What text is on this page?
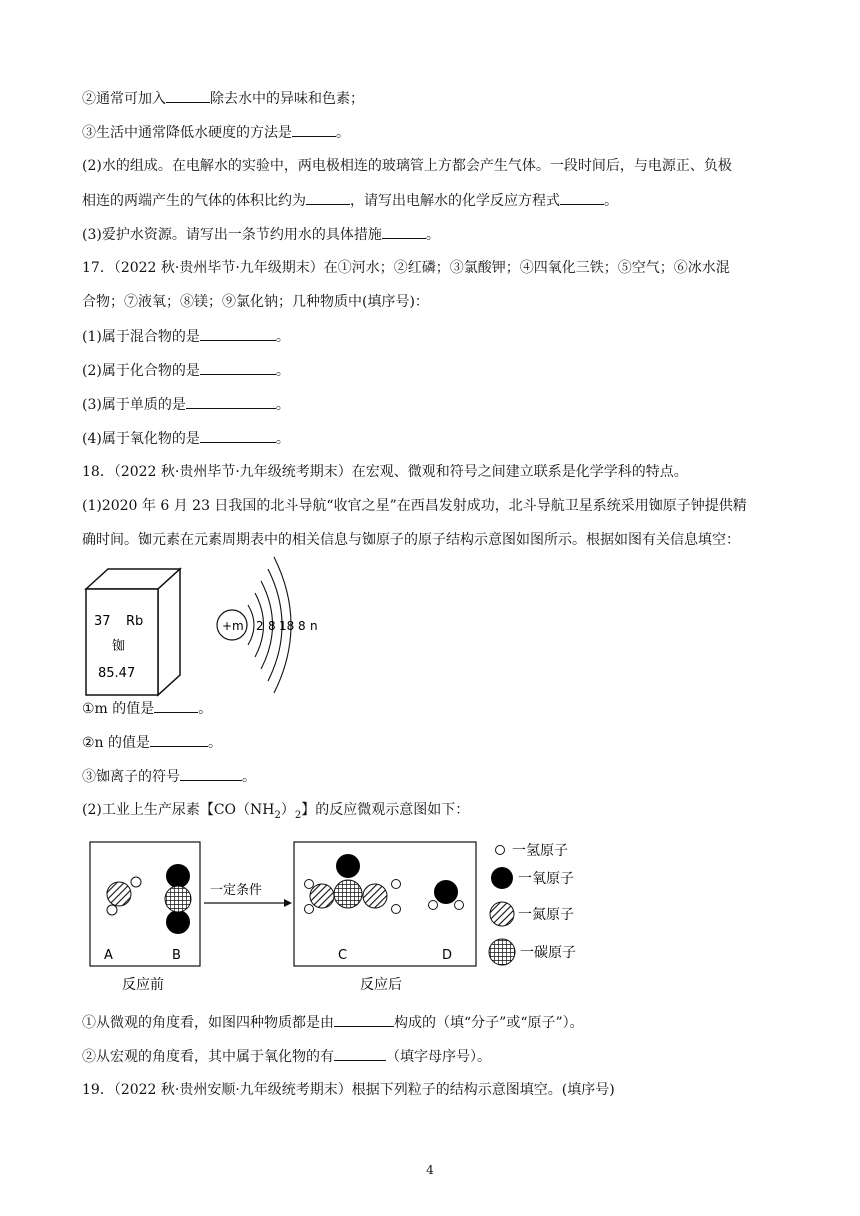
②通常可加入	除去水中的异味和色素；
③生活中通常降低水硬度的方法是	。
(2)水的组成。在电解水的实验中，两电极相连的玻璃管上方都会产生气体。一段时间后，与电源正、负极
相连的两端产生的气体的体积比约为	，请写出电解水的化学反应方程式	。
(3)爱护水资源。请写出一条节约用水的具体措施	。
17．（2022 秋·贵州毕节·九年级期末）在①河水；②红磷；③氯酸钾；④四氧化三铁；⑤空气；⑥冰水混
合物；⑦液氧；⑧镁；⑨氯化钠；几种物质中(填序号)：
(1)属于混合物的是	。
(2)属于化合物的是	。
(3)属于单质的是	。
(4)属于氧化物的是	。
18．（2022 秋·贵州毕节·九年级统考期末）在宏观、微观和符号之间建立联系是化学学科的特点。
(1)2020 年 6 月 23 日我国的北斗导航“收官之星”在西昌发射成功，北斗导航卫星系统采用铷原子钟提供精
确时间。铷元素在元素周期表中的相关信息与铷原子的原子结构示意图如图所示。根据如图有关信息填空：
37 Rb
铷
85.47
+m 2 8 18 8 n
①m 的值是	。
②n 的值是	。
③铷离子的符号	。
(2)工业上生产尿素【$CO(NH_2)_2$】的反应微观示意图如下：
A	B
反应前
一定条件
C	D
反应后
一氢原子
一氧原子
一氮原子
一碳原子
①从微观的角度看，如图四种物质都是由	构成的（填“分子”或“原子”）。
②从宏观的角度看，其中属于氧化物的有	（填字母序号）。
19．（2022 秋·贵州安顺·九年级统考期末）根据下列粒子的结构示意图填空。(填序号)
4
